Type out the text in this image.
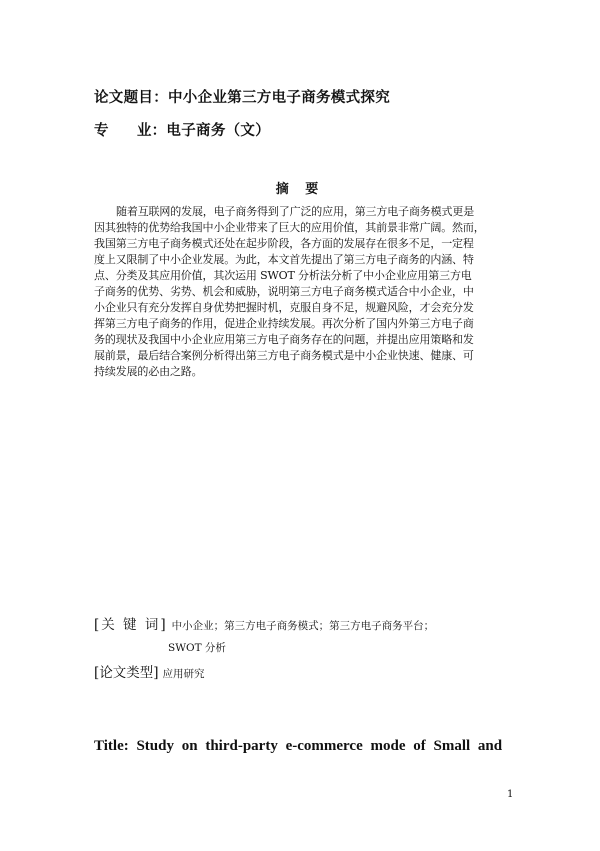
论文题目：中小企业第三方电子商务模式探究
专 业：电子商务（文）
摘 要
随着互联网的发展，电子商务得到了广泛的应用，第三方电子商务模式更是
因其独特的优势给我国中小企业带来了巨大的应用价值，其前景非常广阔。然而，
我国第三方电子商务模式还处在起步阶段，各方面的发展存在很多不足，一定程
度上又限制了中小企业发展。为此，本文首先提出了第三方电子商务的内涵、特
点、分类及其应用价值，其次运用 SWOT 分析法分析了中小企业应用第三方电
子商务的优势、劣势、机会和威胁，说明第三方电子商务模式适合中小企业，中
小企业只有充分发挥自身优势把握时机，克服自身不足，规避风险，才会充分发
挥第三方电子商务的作用，促进企业持续发展。再次分析了国内外第三方电子商
务的现状及我国中小企业应用第三方电子商务存在的问题，并提出应用策略和发
展前景，最后结合案例分析得出第三方电子商务模式是中小企业快速、健康、可
持续发展的必由之路。
[关 键 词] 中小企业；第三方电子商务模式；第三方电子商务平台；
SWOT 分析
[论文类型] 应用研究
Title: Study on third-party e-commerce mode of Small and
1
